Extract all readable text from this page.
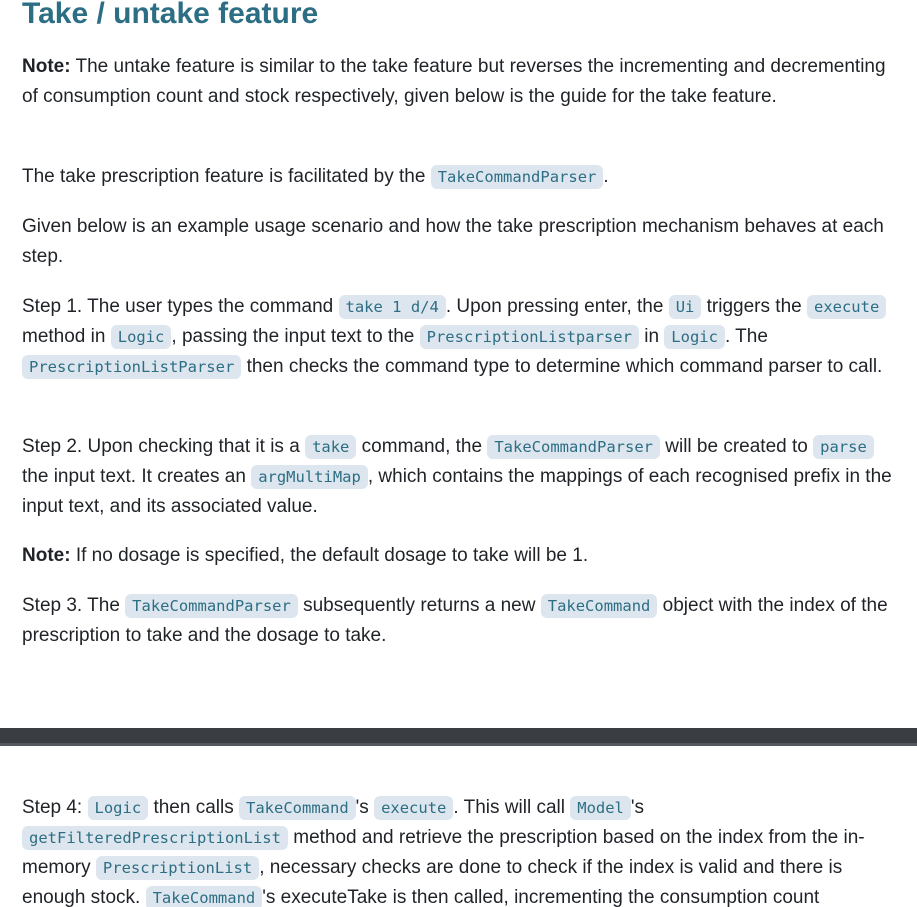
Take / untake feature

Note: The untake feature is similar to the take feature but reverses the incrementing and decrementing of consumption count and stock respectively, given below is the guide for the take feature.

The take prescription feature is facilitated by the TakeCommandParser .

Given below is an example usage scenario and how the take prescription mechanism behaves at each step.

Step 1. The user types the command take 1 d/4 . Upon pressing enter, the Ui triggers the execute method in Logic , passing the input text to the PrescriptionListparser in Logic . The PrescriptionListParser then checks the command type to determine which command parser to call.

Step 2. Upon checking that it is a take command, the TakeCommandParser will be created to parse the input text. It creates an argMultiMap , which contains the mappings of each recognised prefix in the input text, and its associated value.

Note: If no dosage is specified, the default dosage to take will be 1.

Step 3. The TakeCommandParser subsequently returns a new TakeCommand object with the index of the prescription to take and the dosage to take.

Step 4: Logic then calls TakeCommand 's execute . This will call Model 's getFilteredPrescriptionList method and retrieve the prescription based on the index from the in-memory PrescriptionList , necessary checks are done to check if the index is valid and there is enough stock. TakeCommand 's executeTake is then called, incrementing the consumption count
